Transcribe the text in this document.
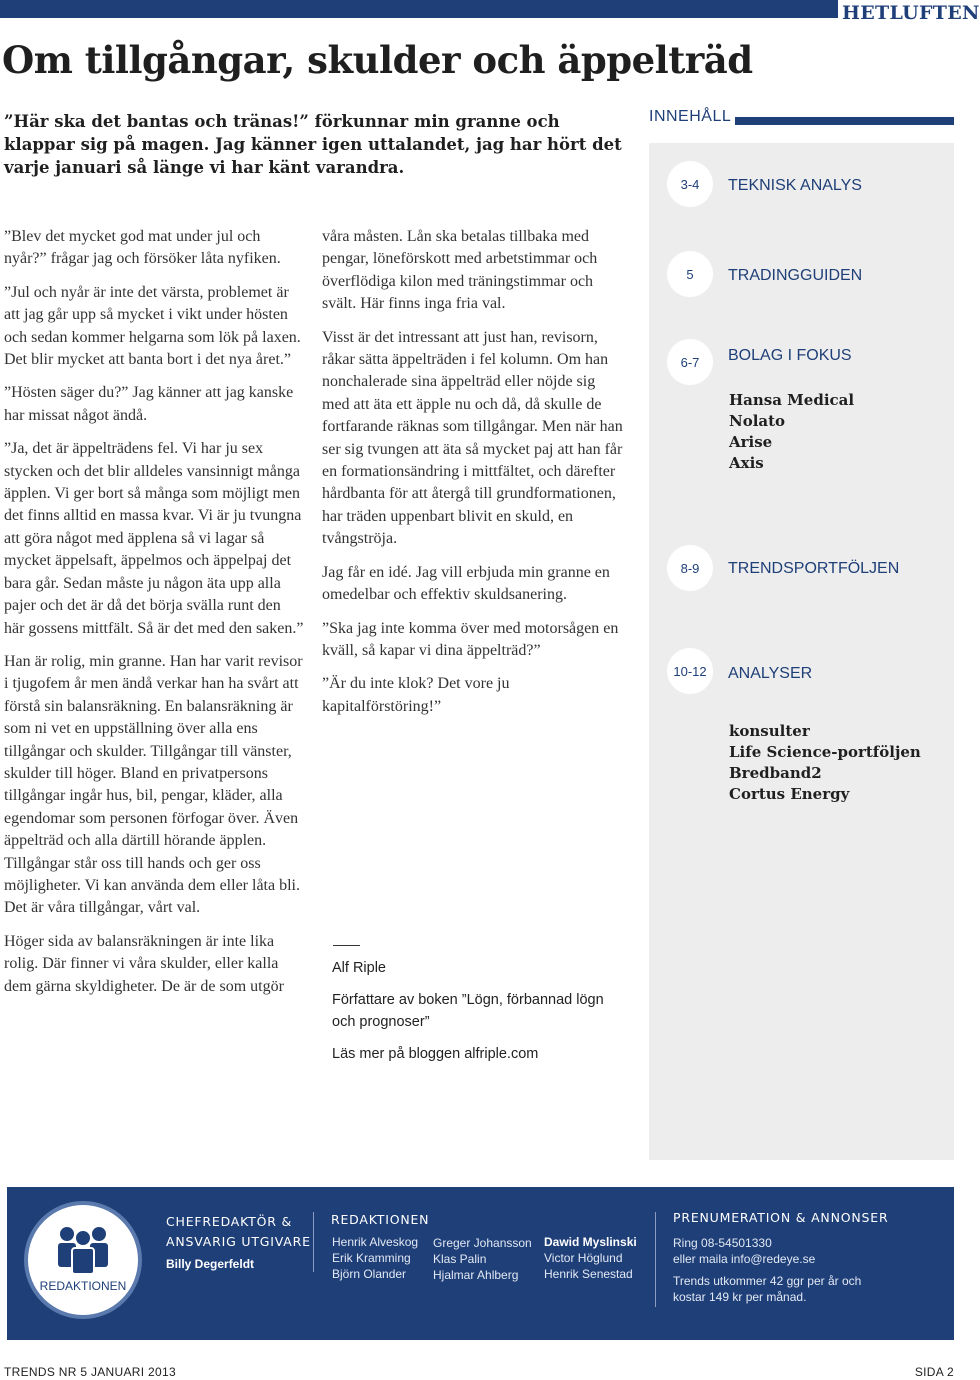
HETLUFTEN
Om tillgångar, skulder och äppelträd
”Här ska det bantas och tränas!” förkunnar min granne och klappar sig på magen. Jag känner igen uttalandet, jag har hört det varje januari så länge vi har känt varandra.
INNEHÅLL
3-4	TEKNISK ANALYS
5	TRADINGGUIDEN
6-7	BOLAG I FOKUS
Hansa Medical
Nolato
Arise
Axis
8-9	TRENDSPORTFÖLJEN
10-12	ANALYSER
konsulter
Life Science-portföljen
Bredband2
Cortus Energy

”Blev det mycket god mat under jul och nyår?” frågar jag och försöker låta nyfiken.

”Jul och nyår är inte det värsta, problemet är att jag går upp så mycket i vikt under hösten och sedan kommer helgarna som lök på laxen. Det blir mycket att banta bort i det nya året.”

”Hösten säger du?” Jag känner att jag kanske har missat något ändå.

”Ja, det är äppelträdens fel. Vi har ju sex stycken och det blir alldeles vansinnigt många äpplen. Vi ger bort så många som möjligt men det finns alltid en massa kvar. Vi är ju tvungna att göra något med äpplena så vi lagar så mycket äppelsaft, äppelmos och äppelpaj det bara går. Sedan måste ju någon äta upp alla pajer och det är då det börja svälla runt den här gossens mittfält. Så är det med den saken.”

Han är rolig, min granne. Han har varit revisor i tjugofem år men ändå verkar han ha svårt att förstå sin balansräkning. En balansräkning är som ni vet en uppställning över alla ens tillgångar och skulder. Tillgångar till vänster, skulder till höger. Bland en privatpersons tillgångar ingår hus, bil, pengar, kläder, alla egendomar som personen förfogar över. Även äppelträd och alla därtill hörande äpplen. Tillgångar står oss till hands och ger oss möjligheter. Vi kan använda dem eller låta bli. Det är våra tillgångar, vårt val.

Höger sida av balansräkningen är inte lika rolig. Där finner vi våra skulder, eller kalla dem gärna skyldigheter. De är de som utgör

våra måsten. Lån ska betalas tillbaka med pengar, löneförskott med arbetstimmar och överflödiga kilon med träningstimmar och svält. Här finns inga fria val.

Visst är det intressant att just han, revisorn, råkar sätta äppelträden i fel kolumn. Om han nonchalerade sina äppelträd eller nöjde sig med att äta ett äpple nu och då, då skulle de fortfarande räknas som tillgångar. Men när han ser sig tvungen att äta så mycket paj att han får en formationsändring i mittfältet, och därefter hårdbanta för att återgå till grundformationen, har träden uppenbart blivit en skuld, en tvångströja.

Jag får en idé. Jag vill erbjuda min granne en omedelbar och effektiv skuldsanering.

”Ska jag inte komma över med motorsågen en kväll, så kapar vi dina äppelträd?”

”Är du inte klok? Det vore ju kapitalförstöring!”

Alf Riple
Författare av boken ”Lögn, förbannad lögn och prognoser”
Läs mer på bloggen alfriple.com
REDAKTIONEN
CHEFREDAKTÖR &
ANSVARIG UTGIVARE
Billy Degerfeldt
REDAKTIONEN
Henrik Alveskog
Erik Kramming
Björn Olander
Greger Johansson
Klas Palin
Hjalmar Ahlberg
Dawid Myslinski
Victor Höglund
Henrik Senestad
PRENUMERATION & ANNONSER
Ring 08-54501330
eller maila info@redeye.se
Trends utkommer 42 ggr per år och
kostar 149 kr per månad.
TRENDS NR 5 JANUARI 2013	SIDA 2
